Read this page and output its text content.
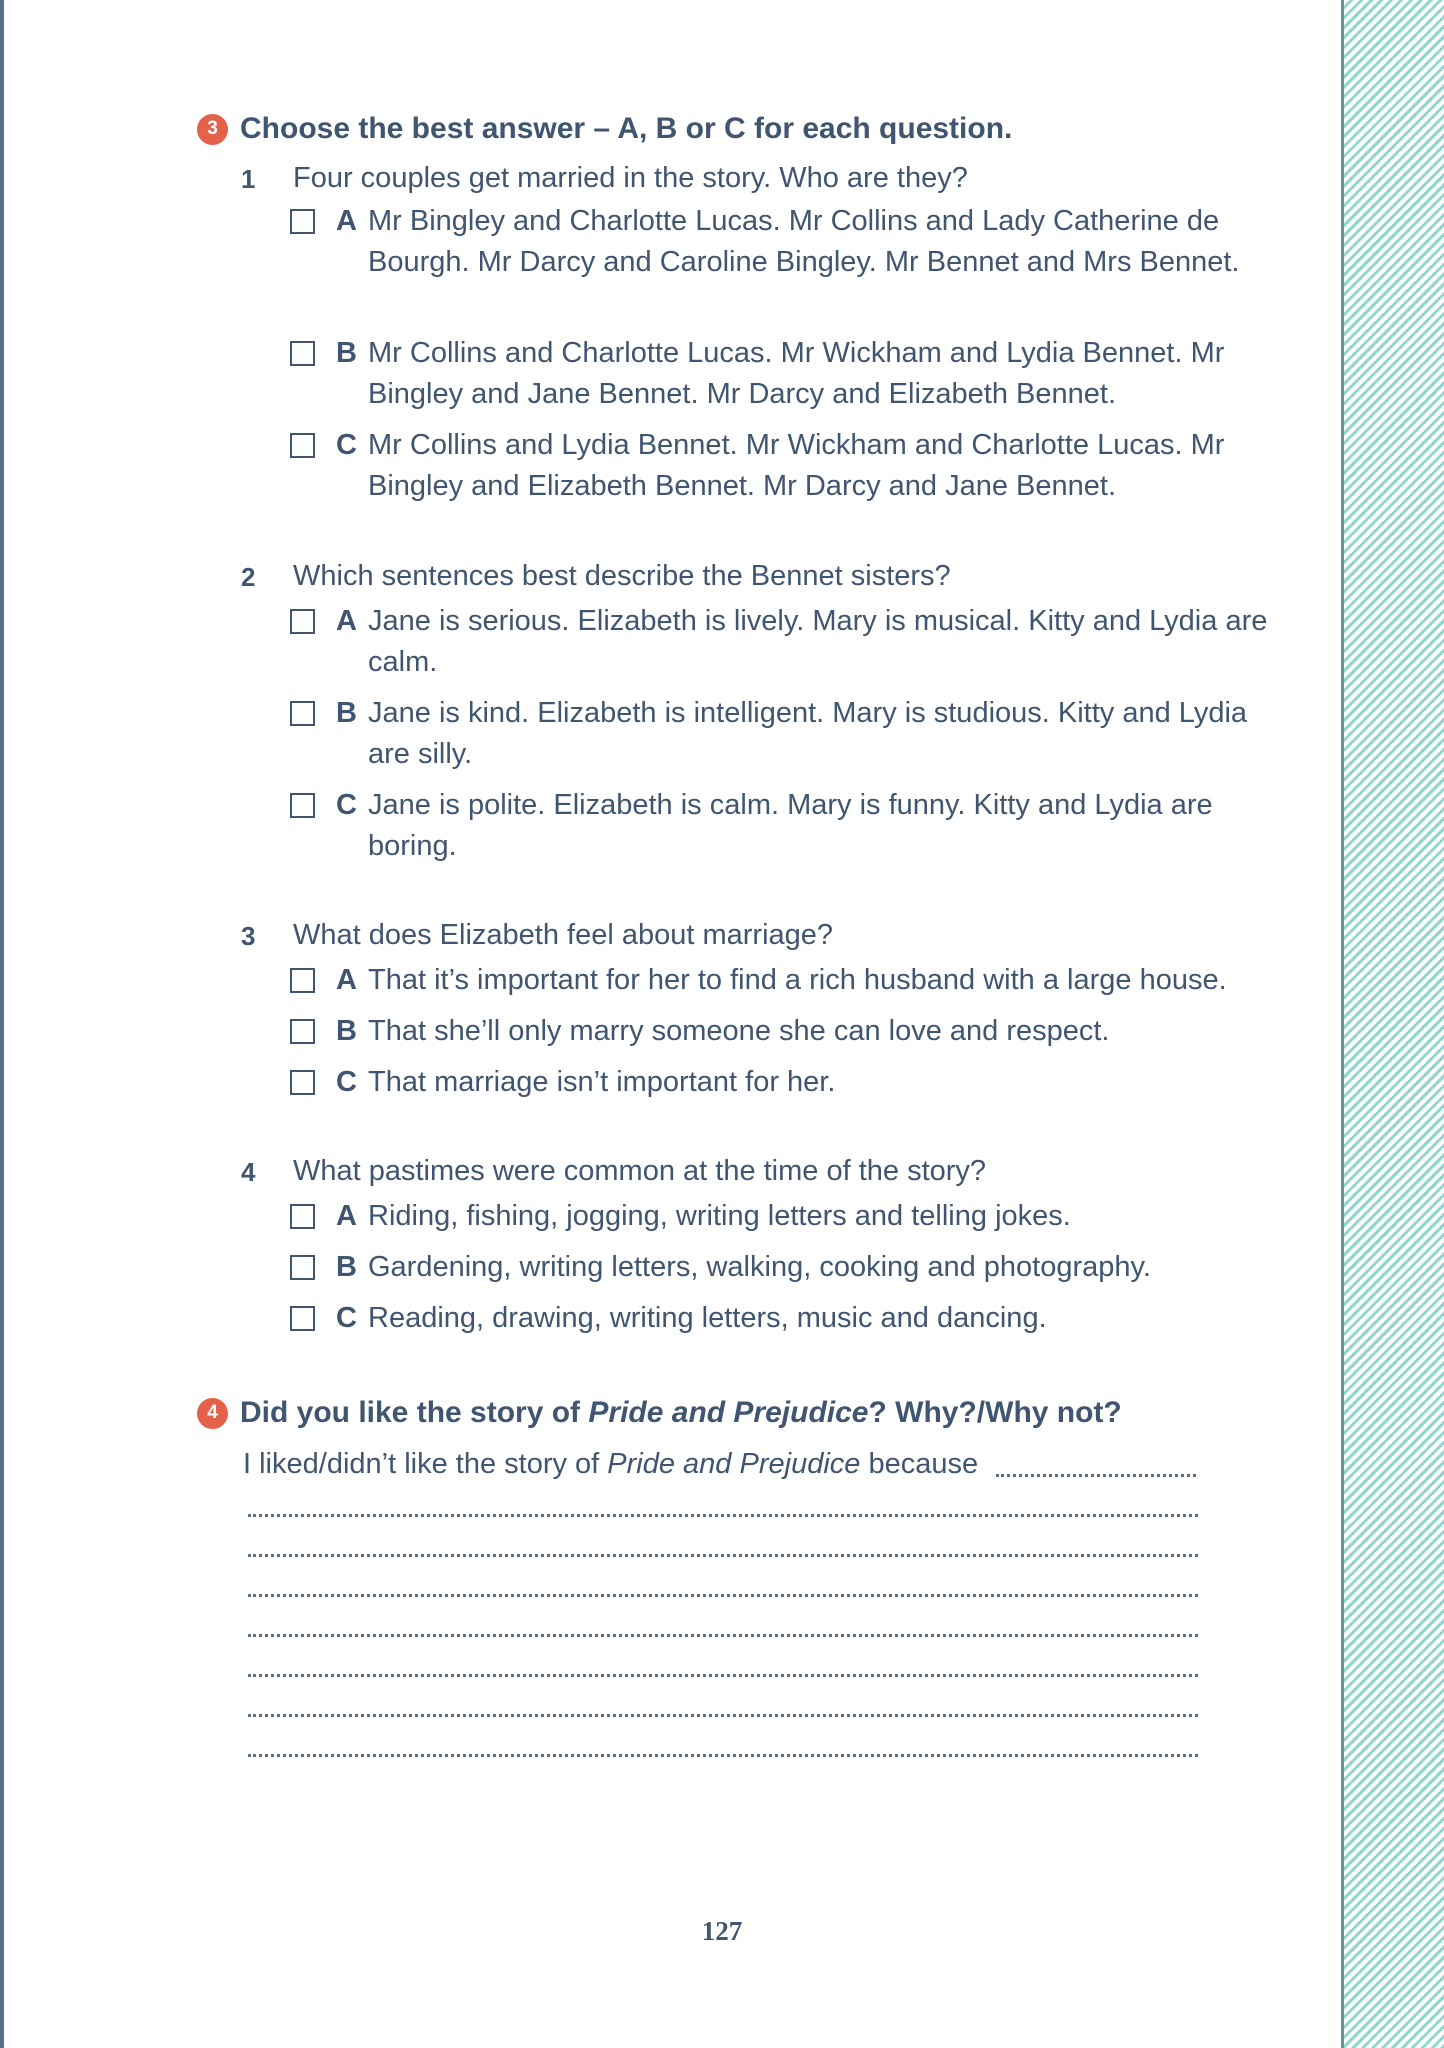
3 Choose the best answer – A, B or C for each question.
1 Four couples get married in the story. Who are they?
A Mr Bingley and Charlotte Lucas. Mr Collins and Lady Catherine de Bourgh. Mr Darcy and Caroline Bingley. Mr Bennet and Mrs Bennet.
B Mr Collins and Charlotte Lucas. Mr Wickham and Lydia Bennet. Mr Bingley and Jane Bennet. Mr Darcy and Elizabeth Bennet.
C Mr Collins and Lydia Bennet. Mr Wickham and Charlotte Lucas. Mr Bingley and Elizabeth Bennet. Mr Darcy and Jane Bennet.
2 Which sentences best describe the Bennet sisters?
A Jane is serious. Elizabeth is lively. Mary is musical. Kitty and Lydia are calm.
B Jane is kind. Elizabeth is intelligent. Mary is studious. Kitty and Lydia are silly.
C Jane is polite. Elizabeth is calm. Mary is funny. Kitty and Lydia are boring.
3 What does Elizabeth feel about marriage?
A That it’s important for her to find a rich husband with a large house.
B That she’ll only marry someone she can love and respect.
C That marriage isn’t important for her.
4 What pastimes were common at the time of the story?
A Riding, fishing, jogging, writing letters and telling jokes.
B Gardening, writing letters, walking, cooking and photography.
C Reading, drawing, writing letters, music and dancing.
4 Did you like the story of Pride and Prejudice? Why?/Why not?
I liked/didn’t like the story of Pride and Prejudice because
127
